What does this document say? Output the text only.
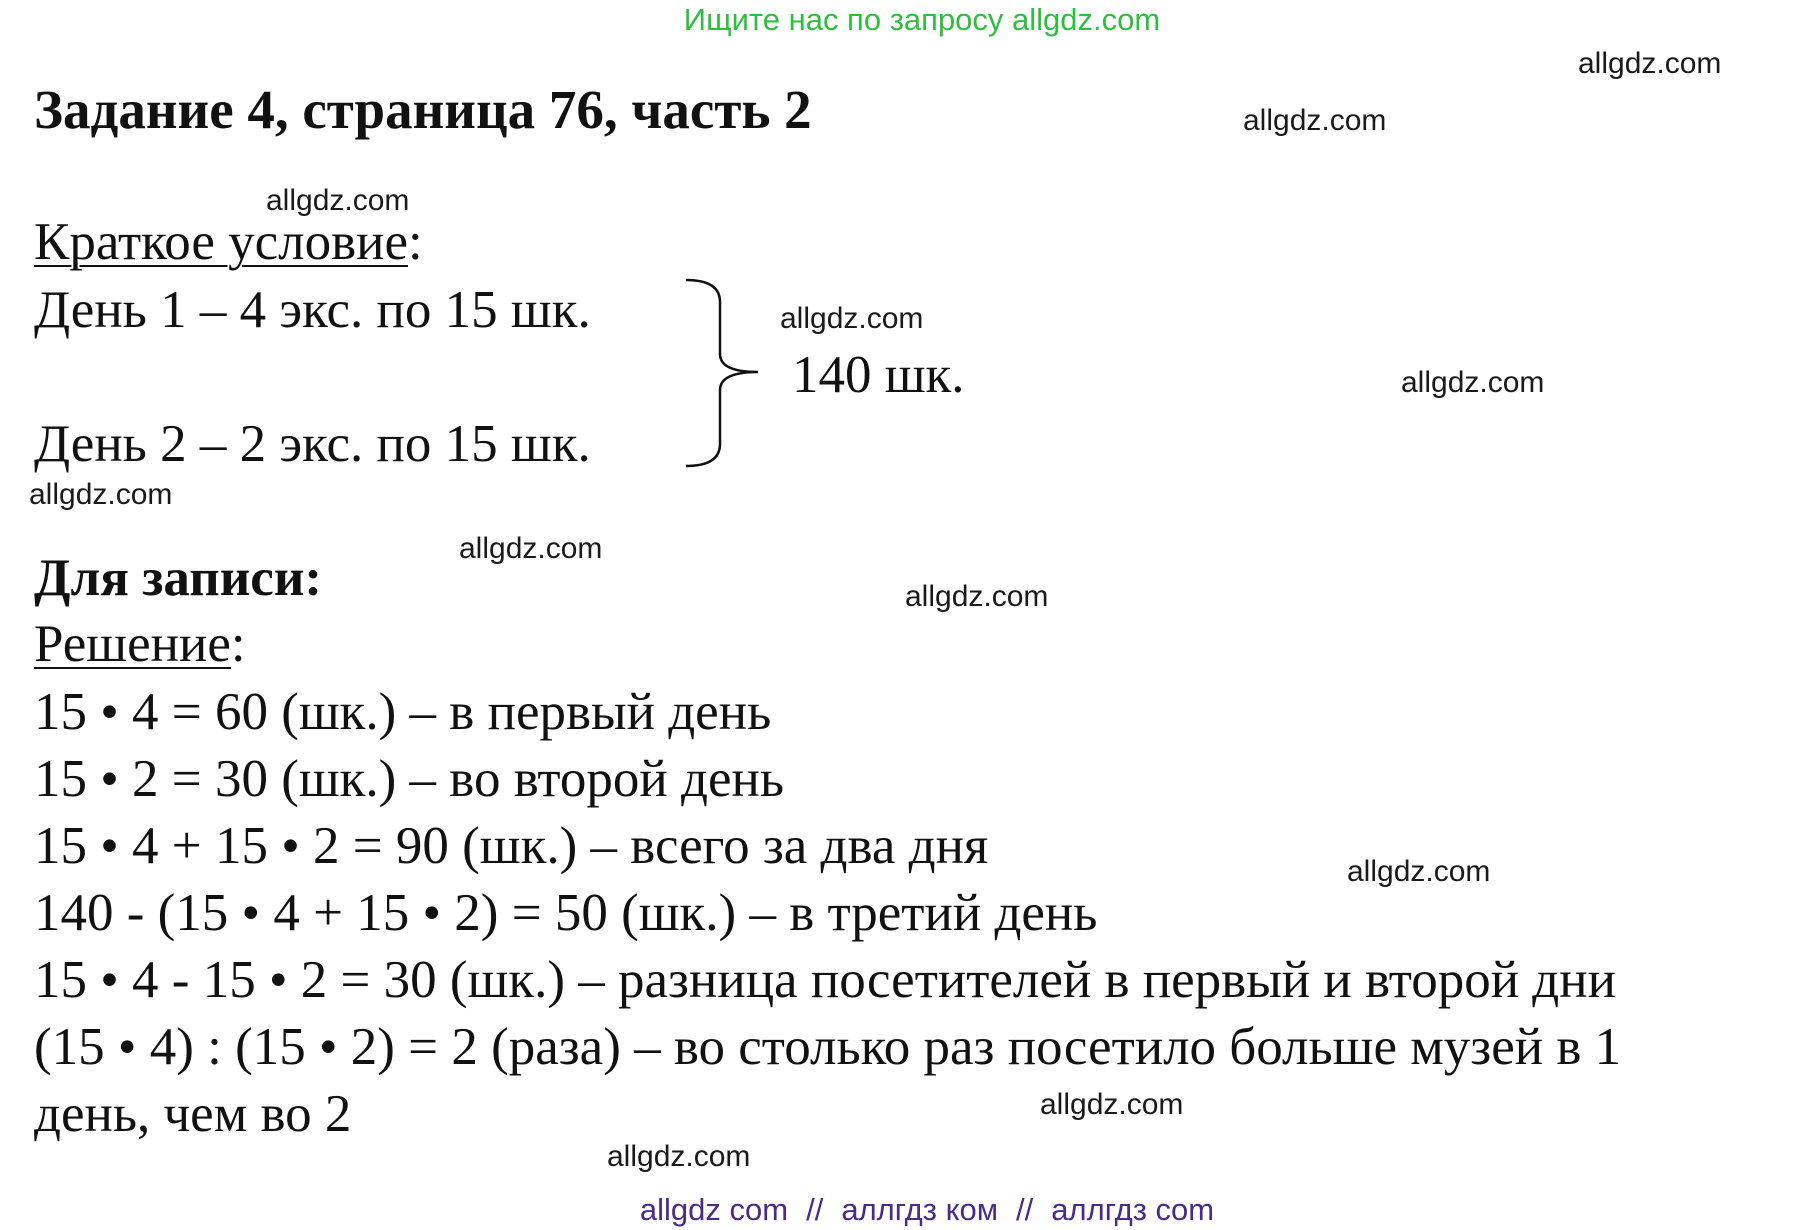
Ищите нас по запросу allgdz.com
Задание 4, страница 76, часть 2
allgdz.com
allgdz.com
allgdz.com
allgdz.com
allgdz.com
allgdz.com
allgdz.com
allgdz.com
allgdz.com
allgdz.com
allgdz.com
Краткое условие:
День 1 – 4 экс. по 15 шк.
День 2 – 2 экс. по 15 шк.
140 шк.
Для записи:
Решение:
15 • 4 = 60 (шк.) – в первый день
15 • 2 = 30 (шк.) – во второй день
15 • 4 + 15 • 2 = 90 (шк.) – всего за два дня
140 - (15 • 4 + 15 • 2) = 50 (шк.) – в третий день
15 • 4 - 15 • 2 = 30 (шк.) – разница посетителей в первый и второй дни
(15 • 4) : (15 • 2) = 2 (раза) – во столько раз посетило больше музей в 1
день, чем во 2
allgdz com // аллгдз ком // аллгдз com
